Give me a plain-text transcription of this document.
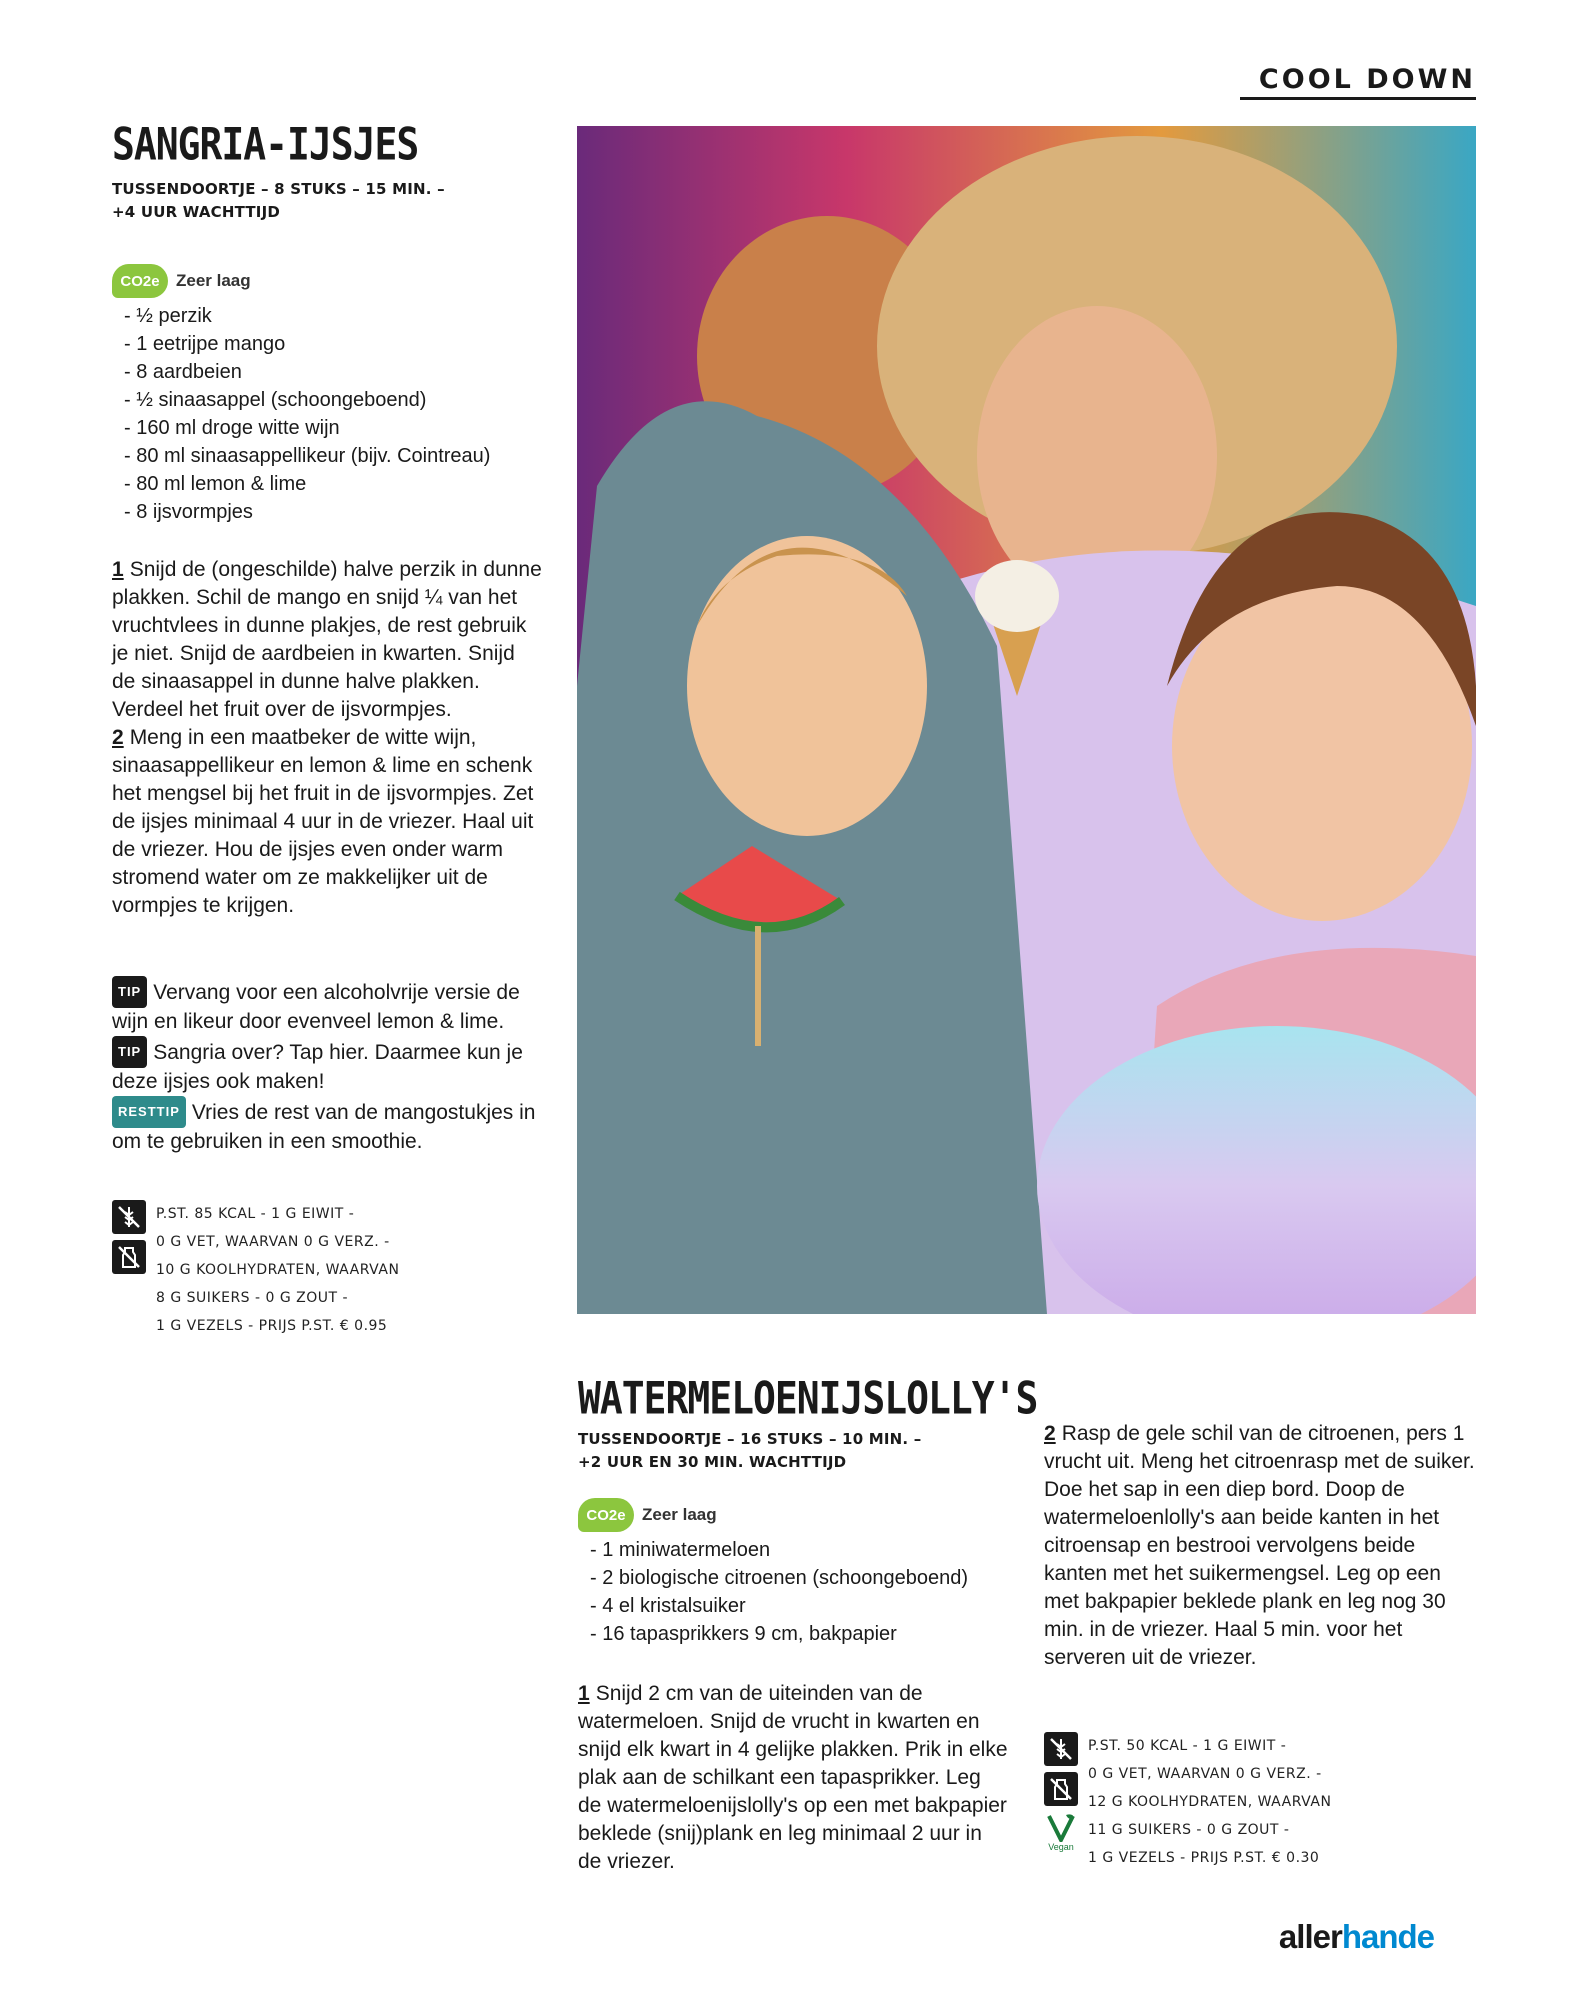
COOL DOWN
SANGRIA-IJSJES
TUSSENDOORTJE – 8 STUKS – 15 MIN. –
+4 UUR WACHTTIJD
CO2e Zeer laag
- ½ perzik
- 1 eetrijpe mango
- 8 aardbeien
- ½ sinaasappel (schoongeboend)
- 160 ml droge witte wijn
- 80 ml sinaasappellikeur (bijv. Cointreau)
- 80 ml lemon & lime
- 8 ijsvormpjes

1 Snijd de (ongeschilde) halve perzik in dunne plakken. Schil de mango en snijd ¼ van het vruchtvlees in dunne plakjes, de rest gebruik je niet. Snijd de aardbeien in kwarten. Snijd de sinaasappel in dunne halve plakken. Verdeel het fruit over de ijsvormpjes.

2 Meng in een maatbeker de witte wijn, sinaasappellikeur en lemon & lime en schenk het mengsel bij het fruit in de ijsvormpjes. Zet de ijsjes minimaal 4 uur in de vriezer. Haal uit de vriezer. Hou de ijsjes even onder warm stromend water om ze makkelijker uit de vormpjes te krijgen.

TIP Vervang voor een alcoholvrije versie de wijn en likeur door evenveel lemon & lime.

TIP Sangria over? Tap hier. Daarmee kun je deze ijsjes ook maken!

RESTTIP Vries de rest van de mangostukjes in om te gebruiken in een smoothie.

P.ST. 85 KCAL - 1 G EIWIT -
0 G VET, WAARVAN 0 G VERZ. -
10 G KOOLHYDRATEN, WAARVAN
8 G SUIKERS - 0 G ZOUT -
1 G VEZELS - PRIJS P.ST. € 0.95
WATERMELOENIJSLOLLY'S
TUSSENDOORTJE – 16 STUKS – 10 MIN. –
+2 UUR EN 30 MIN. WACHTTIJD
CO2e Zeer laag
- 1 miniwatermeloen
- 2 biologische citroenen (schoongeboend)
- 4 el kristalsuiker
- 16 tapasprikkers 9 cm, bakpapier

1 Snijd 2 cm van de uiteinden van de watermeloen. Snijd de vrucht in kwarten en snijd elk kwart in 4 gelijke plakken. Prik in elke plak aan de schilkant een tapasprikker. Leg de watermeloenijslolly's op een met bakpapier beklede (snij)plank en leg minimaal 2 uur in de vriezer.

2 Rasp de gele schil van de citroenen, pers 1 vrucht uit. Meng het citroenrasp met de suiker. Doe het sap in een diep bord. Doop de watermeloenlolly's aan beide kanten in het citroensap en bestrooi vervolgens beide kanten met het suikermengsel. Leg op een met bakpapier beklede plank en leg nog 30 min. in de vriezer. Haal 5 min. voor het serveren uit de vriezer.

Vegan
P.ST. 50 KCAL - 1 G EIWIT -
0 G VET, WAARVAN 0 G VERZ. -
12 G KOOLHYDRATEN, WAARVAN
11 G SUIKERS - 0 G ZOUT -
1 G VEZELS - PRIJS P.ST. € 0.30
allerhande
